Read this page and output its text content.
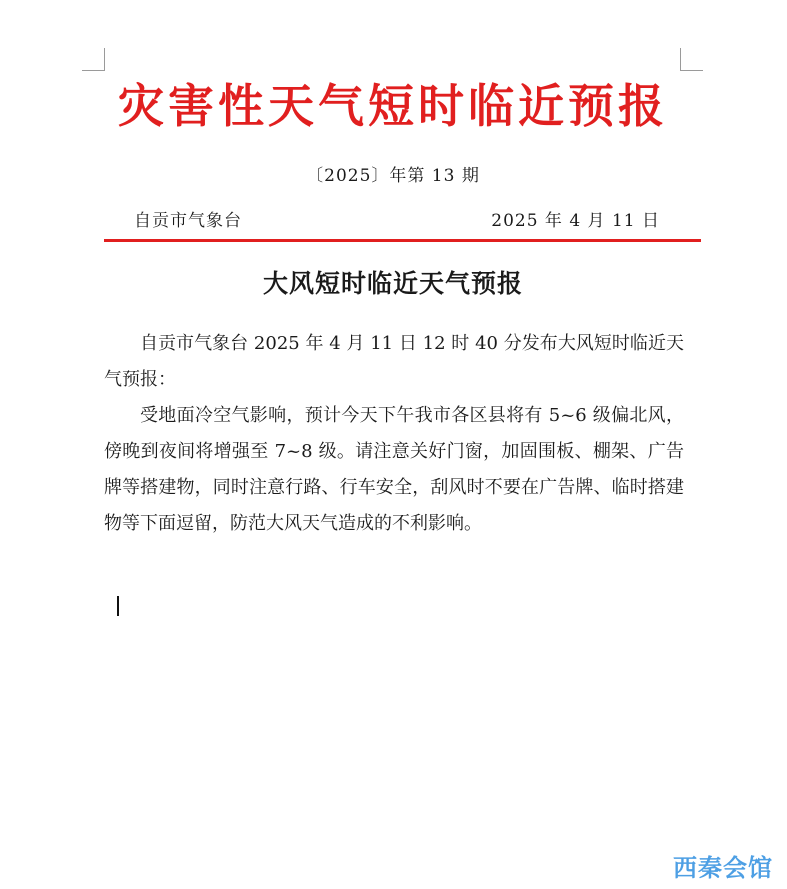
灾害性天气短时临近预报
〔2025〕年第 13 期
自贡市气象台	2025 年 4 月 11 日
大风短时临近天气预报

自贡市气象台 2025 年 4 月 11 日 12 时 40 分发布大风短时临近天气预报：

受地面冷空气影响，预计今天下午我市各区县将有 5~6 级偏北风，傍晚到夜间将增强至 7~8 级。请注意关好门窗，加固围板、棚架、广告牌等搭建物，同时注意行路、行车安全，刮风时不要在广告牌、临时搭建物等下面逗留，防范大风天气造成的不利影响。

西秦会馆
